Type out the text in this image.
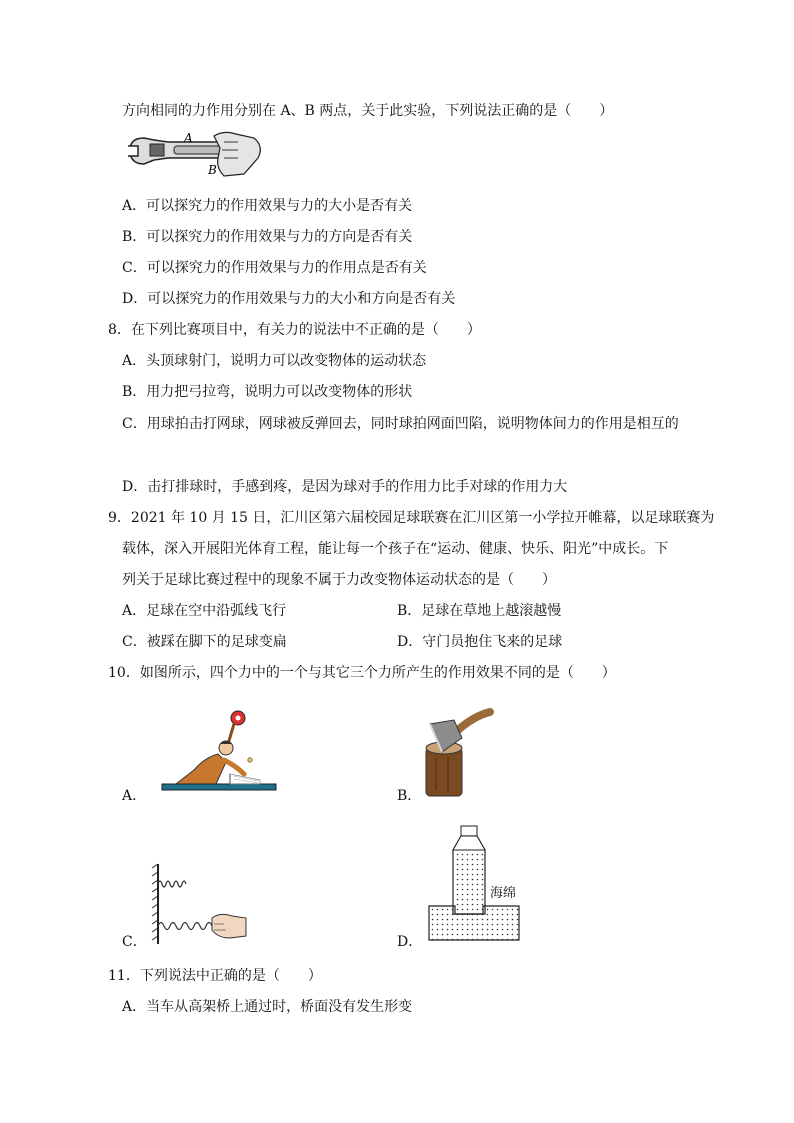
方向相同的力作用分别在 A、B 两点，关于此实验，下列说法正确的是（　　）
A
B
A．可以探究力的作用效果与力的大小是否有关
B．可以探究力的作用效果与力的方向是否有关
C．可以探究力的作用效果与力的作用点是否有关
D．可以探究力的作用效果与力的大小和方向是否有关
8．在下列比赛项目中，有关力的说法中不正确的是（　　）
A．头顶球射门，说明力可以改变物体的运动状态
B．用力把弓拉弯，说明力可以改变物体的形状
C．用球拍击打网球，网球被反弹回去，同时球拍网面凹陷，说明物体间力的作用是相互的
D．击打排球时，手感到疼，是因为球对手的作用力比手对球的作用力大
9．2021 年 10 月 15 日，汇川区第六届校园足球联赛在汇川区第一小学拉开帷幕，以足球联赛为
载体，深入开展阳光体育工程，能让每一个孩子在“运动、健康、快乐、阳光”中成长。下
列关于足球比赛过程中的现象不属于力改变物体运动状态的是（　　）
A．足球在空中沿弧线飞行	B．足球在草地上越滚越慢
C．被踩在脚下的足球变扁	D．守门员抱住飞来的足球
10．如图所示，四个力中的一个与其它三个力所产生的作用效果不同的是（　　）
A．	B．
C．	D．
海绵
11．下列说法中正确的是（　　）
A．当车从高架桥上通过时，桥面没有发生形变
